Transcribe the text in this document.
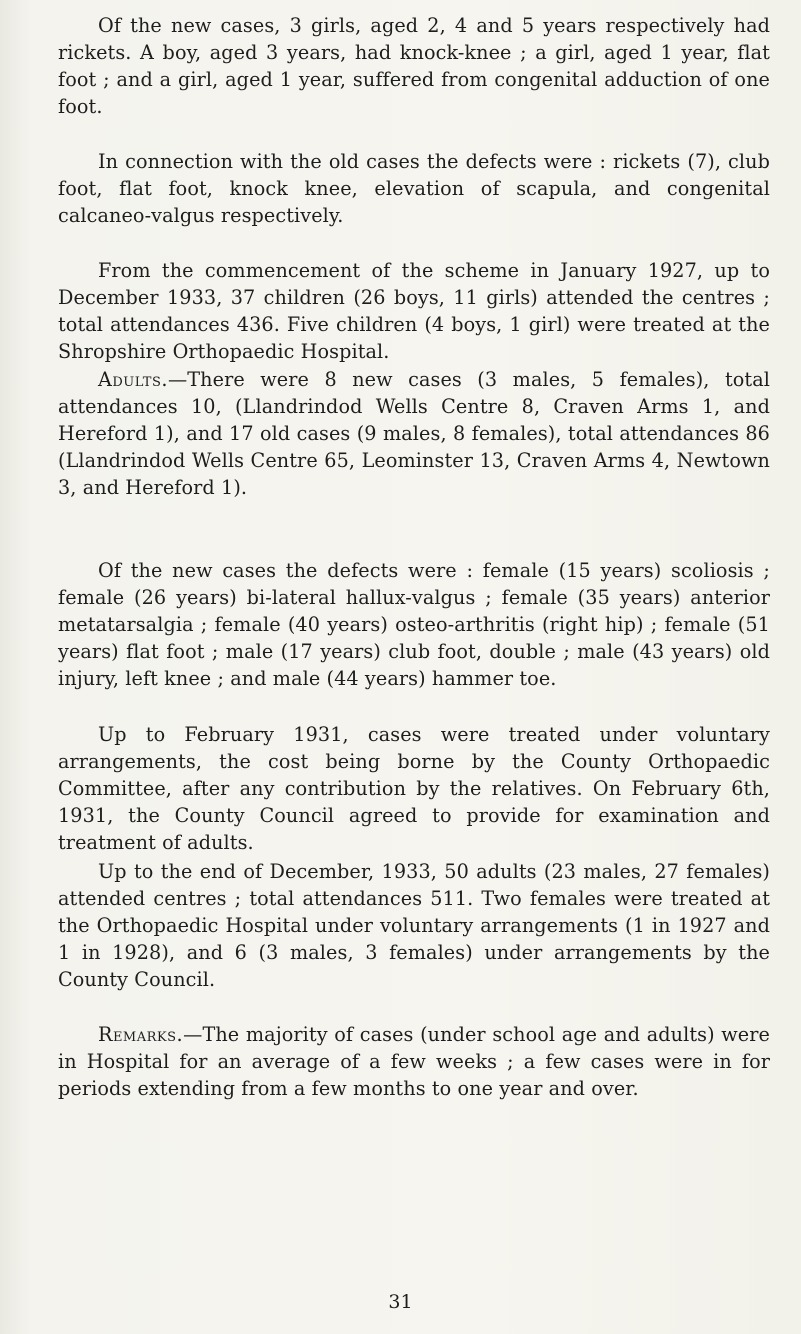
Of the new cases, 3 girls, aged 2, 4 and 5 years respectively had rickets. A boy, aged 3 years, had knock-knee ; a girl, aged 1 year, flat foot ; and a girl, aged 1 year, suffered from congenital adduction of one foot.

In connection with the old cases the defects were : rickets (7), club foot, flat foot, knock knee, elevation of scapula, and congenital calcaneo-valgus respectively.

From the commencement of the scheme in January 1927, up to December 1933, 37 children (26 boys, 11 girls) attended the centres ; total attendances 436. Five children (4 boys, 1 girl) were treated at the Shropshire Orthopaedic Hospital.

Adults.—There were 8 new cases (3 males, 5 females), total attendances 10, (Llandrindod Wells Centre 8, Craven Arms 1, and Hereford 1), and 17 old cases (9 males, 8 females), total attendances 86 (Llandrindod Wells Centre 65, Leominster 13, Craven Arms 4, Newtown 3, and Hereford 1).

Of the new cases the defects were : female (15 years) scoliosis ; female (26 years) bi-lateral hallux-valgus ; female (35 years) anterior metatarsalgia ; female (40 years) osteo-arthritis (right hip) ; female (51 years) flat foot ; male (17 years) club foot, double ; male (43 years) old injury, left knee ; and male (44 years) hammer toe.

Up to February 1931, cases were treated under voluntary arrangements, the cost being borne by the County Orthopaedic Committee, after any contribution by the relatives. On February 6th, 1931, the County Council agreed to provide for examination and treatment of adults.

Up to the end of December, 1933, 50 adults (23 males, 27 females) attended centres ; total attendances 511. Two females were treated at the Orthopaedic Hospital under voluntary arrangements (1 in 1927 and 1 in 1928), and 6 (3 males, 3 females) under arrangements by the County Council.

Remarks.—The majority of cases (under school age and adults) were in Hospital for an average of a few weeks ; a few cases were in for periods extending from a few months to one year and over.

31
